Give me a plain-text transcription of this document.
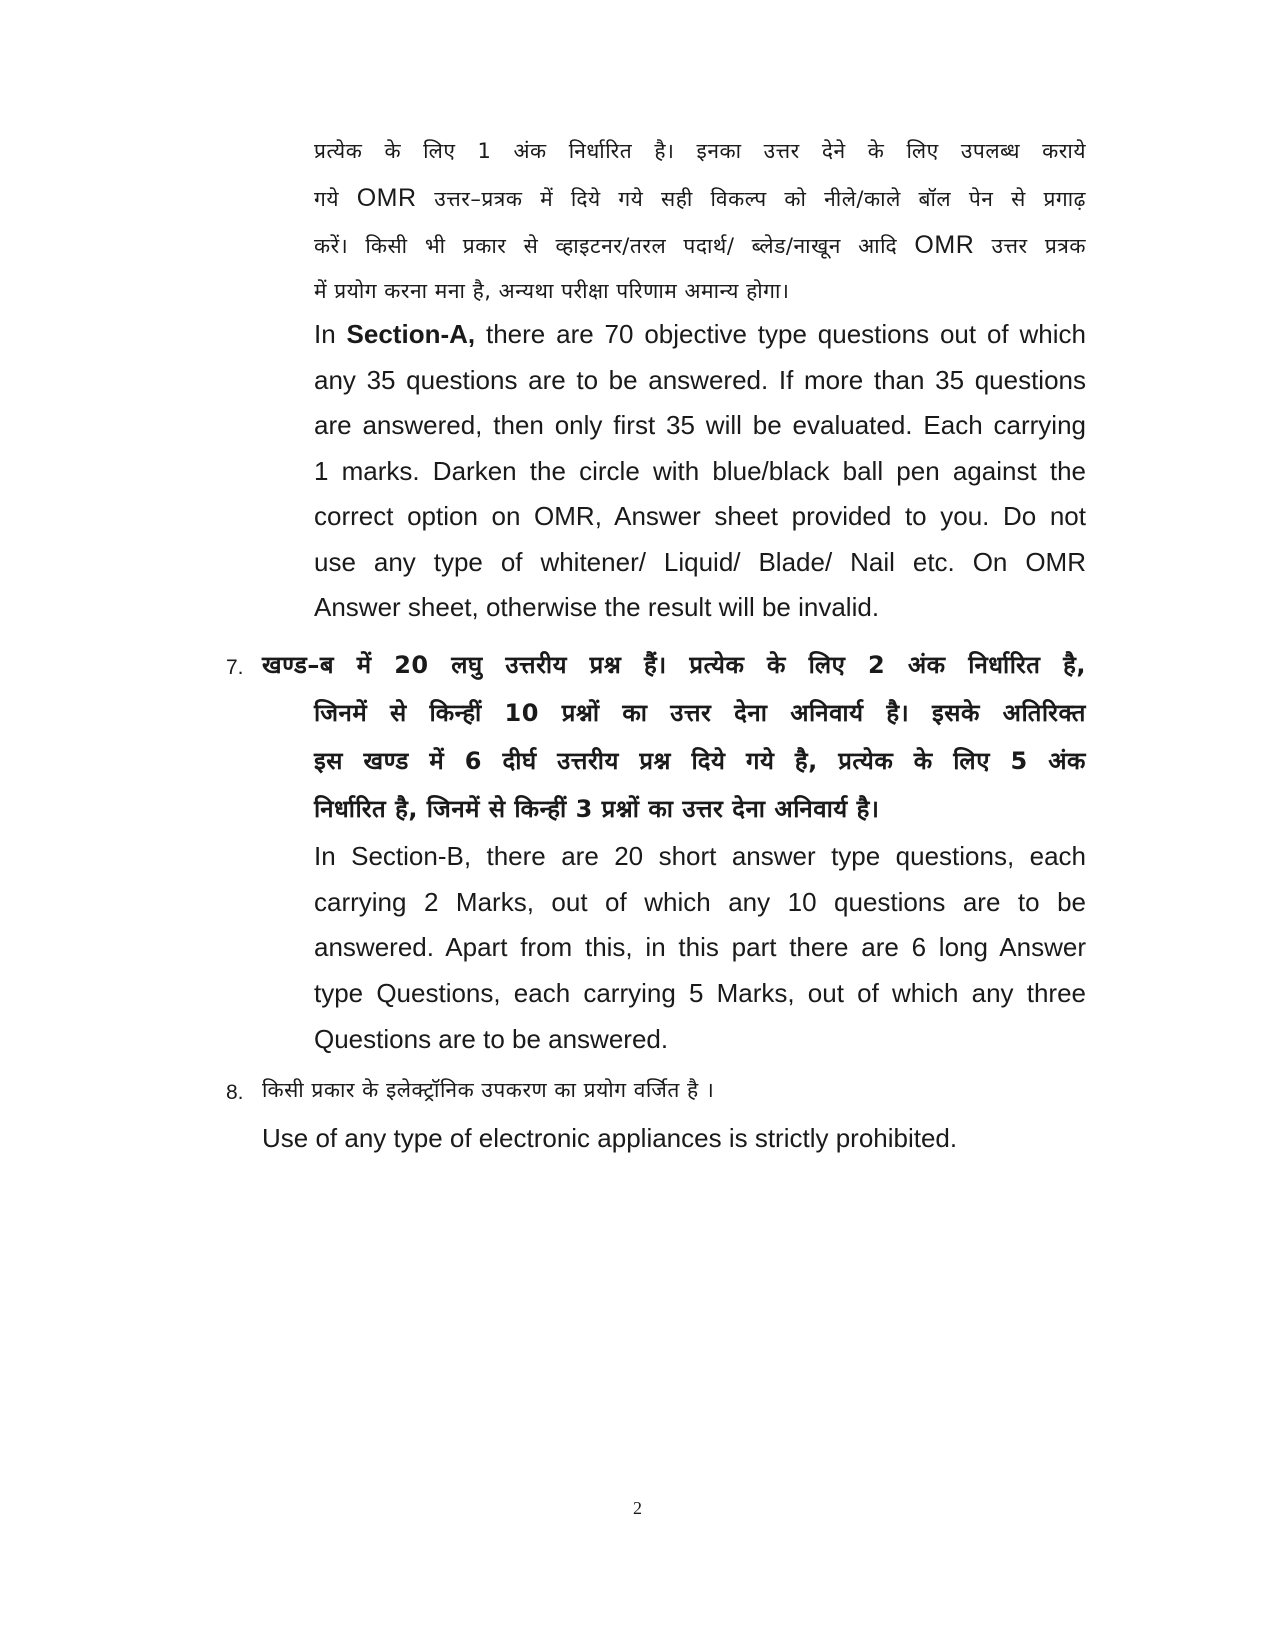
प्रत्येक के लिए 1 अंक निर्धारित है। इनका उत्तर देने के लिए उपलब्ध कराये
गये OMR उत्तर–प्रत्रक में दिये गये सही विकल्प को नीले/काले बॉल पेन से प्रगाढ़
करें। किसी भी प्रकार से व्हाइटनर/तरल पदार्थ/ ब्लेड/नाखून आदि OMR उत्तर प्रत्रक
में प्रयोग करना मना है, अन्यथा परीक्षा परिणाम अमान्य होगा।
In Section-A, there are 70 objective type questions out of which
any 35 questions are to be answered. If more than 35 questions
are answered, then only first 35 will be evaluated. Each carrying
1 marks. Darken the circle with blue/black ball pen against the
correct option on OMR, Answer sheet provided to you. Do not
use any type of whitener/ Liquid/ Blade/ Nail etc. On OMR
Answer sheet, otherwise the result will be invalid.
7. खण्ड–ब में 20 लघु उत्तरीय प्रश्न हैं। प्रत्येक के लिए 2 अंक निर्धारित है,
जिनमें से किन्हीं 10 प्रश्नों का उत्तर देना अनिवार्य है। इसके अतिरिक्त
इस खण्ड में 6 दीर्घ उत्तरीय प्रश्न दिये गये है, प्रत्येक के लिए 5 अंक
निर्धारित है, जिनमें से किन्हीं 3 प्रश्नों का उत्तर देना अनिवार्य है।
In Section-B, there are 20 short answer type questions, each
carrying 2 Marks, out of which any 10 questions are to be
answered. Apart from this, in this part there are 6 long Answer
type Questions, each carrying 5 Marks, out of which any three
Questions are to be answered.
8. किसी प्रकार के इलेक्ट्रॉनिक उपकरण का प्रयोग वर्जित है ।
Use of any type of electronic appliances is strictly prohibited.
2
